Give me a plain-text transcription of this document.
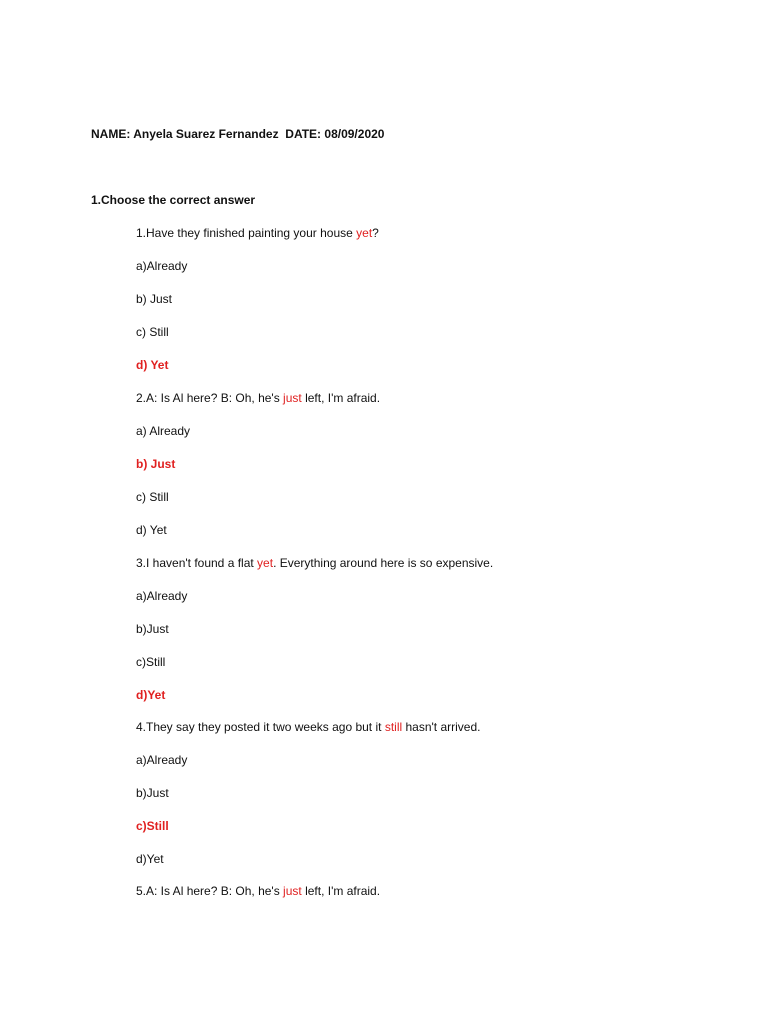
NAME: Anyela Suarez Fernandez DATE: 08/09/2020
1.Choose the correct answer
1.Have they finished painting your house yet?
a)Already
b) Just
c) Still
d) Yet
2.A: Is Al here? B: Oh, he's just left, I'm afraid.
a) Already
b) Just
c) Still
d) Yet
3.I haven't found a flat yet. Everything around here is so expensive.
a)Already
b)Just
c)Still
d)Yet
4.They say they posted it two weeks ago but it still hasn't arrived.
a)Already
b)Just
c)Still
d)Yet
5.A: Is Al here? B: Oh, he's just left, I'm afraid.
